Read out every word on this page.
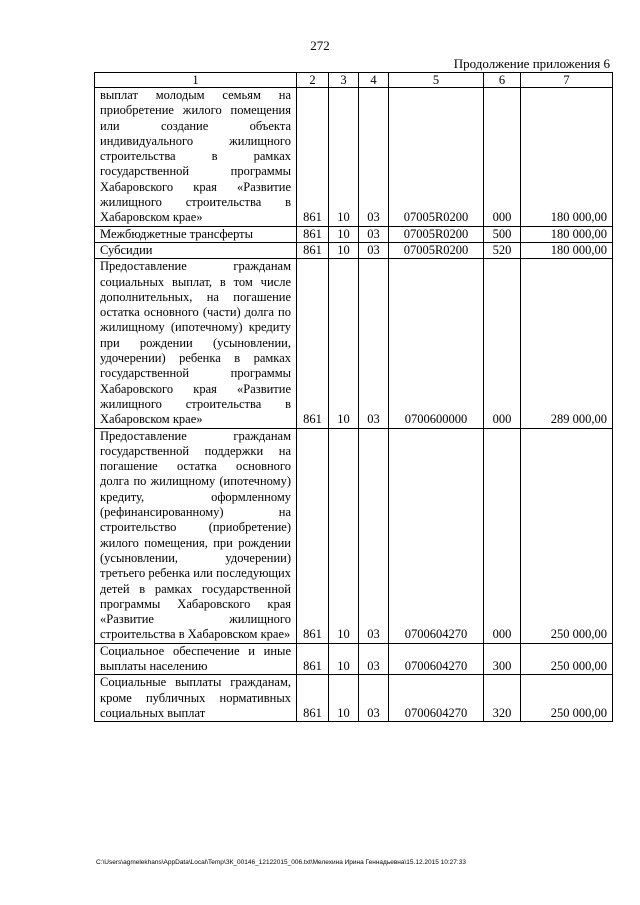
272
Продолжение приложения 6
1	2	3	4	5	6	7
выплат молодым семьям на приобретение жилого помещения или создание объекта индивидуального жилищного строительства в рамках государственной программы Хабаровского края «Развитие жилищного строительства в Хабаровском крае»	861	10	03	07005R0200	000	180 000,00
Межбюджетные трансферты	861	10	03	07005R0200	500	180 000,00
Субсидии	861	10	03	07005R0200	520	180 000,00
Предоставление гражданам социальных выплат, в том числе дополнительных, на погашение остатка основного (части) долга по жилищному (ипотечному) кредиту при рождении (усыновлении, удочерении) ребенка в рамках государственной программы Хабаровского края «Развитие жилищного строительства в Хабаровском крае»	861	10	03	0700600000	000	289 000,00
Предоставление гражданам государственной поддержки на погашение остатка основного долга по жилищному (ипотечному) кредиту, оформленному (рефинансированному) на строительство (приобретение) жилого помещения, при рождении (усыновлении, удочерении) третьего ребенка или последующих детей в рамках государственной программы Хабаровского края «Развитие жилищного строительства в Хабаровском крае»	861	10	03	0700604270	000	250 000,00
Социальное обеспечение и иные выплаты населению	861	10	03	0700604270	300	250 000,00
Социальные выплаты гражданам, кроме публичных нормативных социальных выплат	861	10	03	0700604270	320	250 000,00
C:\Users\agmelekhans\AppData\Local\Temp\ЗК_00146_12122015_006.txt\Мелехина Ирина Геннадьевна\15.12.2015 10:27:33
